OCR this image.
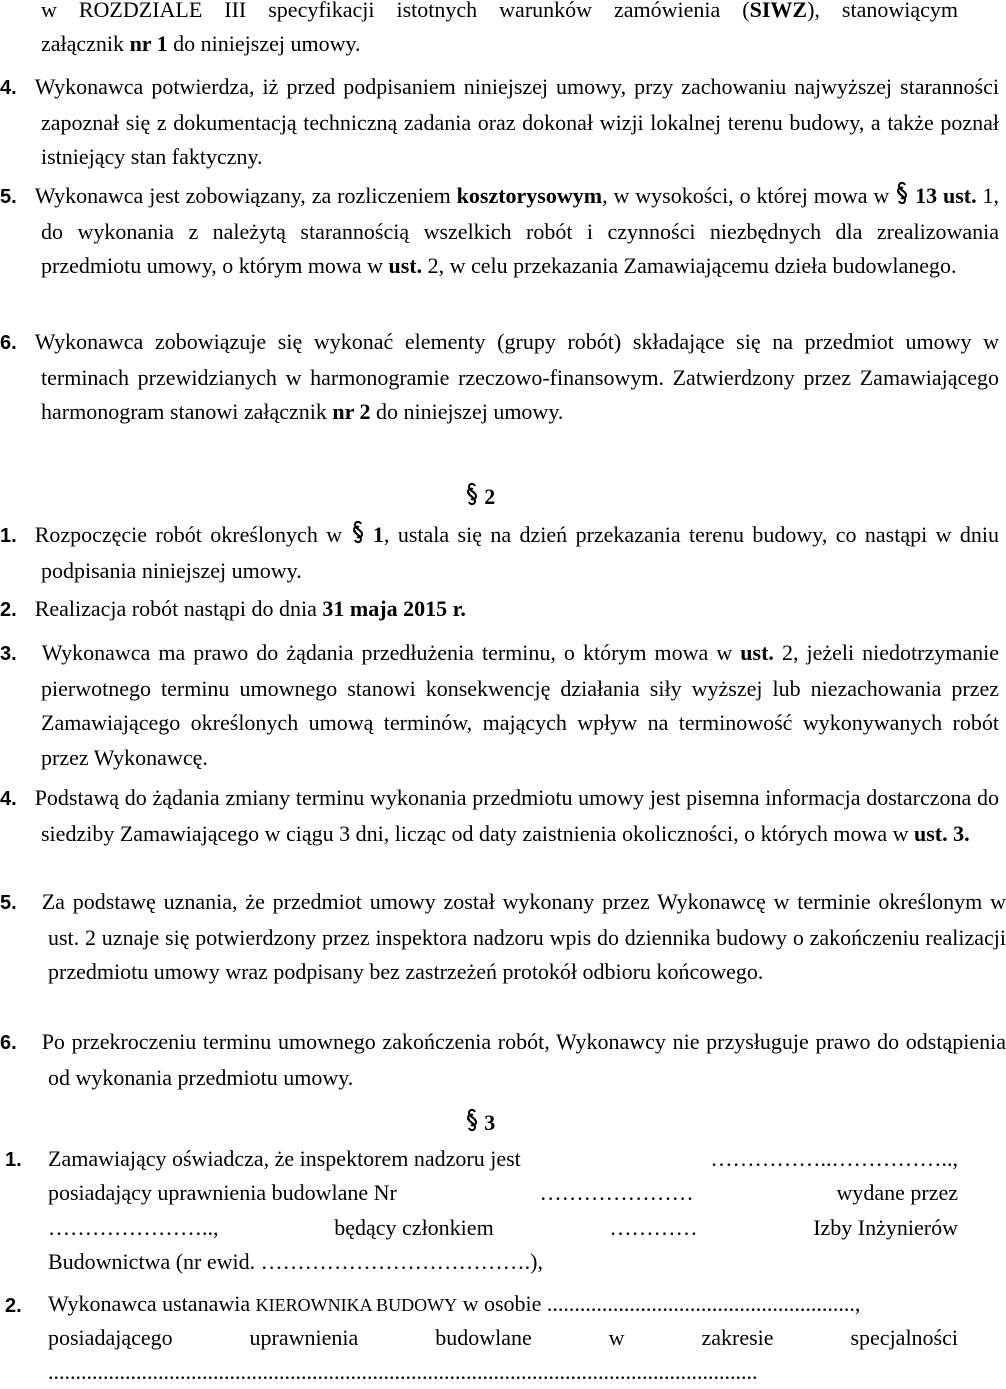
w ROZDZIALE III specyfikacji istotnych warunków zamówienia (SIWZ), stanowiącym

załącznik nr 1 do niniejszej umowy.

4. Wykonawca potwierdza, iż przed podpisaniem niniejszej umowy, przy zachowaniu najwyższej staranności zapoznał się z dokumentacją techniczną zadania oraz dokonał wizji lokalnej terenu budowy, a także poznał istniejący stan faktyczny.

5. Wykonawca jest zobowiązany, za rozliczeniem kosztorysowym, w wysokości, o której mowa w  13 ust. 1, do wykonania z należytą starannością wszelkich robót i czynności niezbędnych dla zrealizowania przedmiotu umowy, o którym mowa w ust. 2, w celu przekazania Zamawiającemu dzieła budowlanego.

6. Wykonawca zobowiązuje się wykonać elementy (grupy robót) składające się na przedmiot umowy w terminach przewidzianych w harmonogramie rzeczowo-finansowym. Zatwierdzony przez Zamawiającego harmonogram stanowi załącznik nr 2 do niniejszej umowy.

2

1. Rozpoczęcie robót określonych w  1, ustala się na dzień przekazania terenu budowy, co nastąpi w dniu podpisania niniejszej umowy.

2. Realizacja robót nastąpi do dnia 31 maja 2015 r.

3. Wykonawca ma prawo do żądania przedłużenia terminu, o którym mowa w ust. 2, jeżeli niedotrzymanie pierwotnego terminu umownego stanowi konsekwencję działania siły wyższej lub niezachowania przez Zamawiającego określonych umową terminów, mających wpływ na terminowość wykonywanych robót przez Wykonawcę.

4. Podstawą do żądania zmiany terminu wykonania przedmiotu umowy jest pisemna informacja dostarczona do siedziby Zamawiającego w ciągu 3 dni, licząc od daty zaistnienia okoliczności, o których mowa w ust. 3.

5. Za podstawę uznania, że przedmiot umowy został wykonany przez Wykonawcę w terminie określonym w ust. 2 uznaje się potwierdzony przez inspektora nadzoru wpis do dziennika budowy o zakończeniu realizacji przedmiotu umowy wraz podpisany bez zastrzeżeń protokół odbioru końcowego.

6. Po przekroczeniu terminu umownego zakończenia robót, Wykonawcy nie przysługuje prawo do odstąpienia od wykonania przedmiotu umowy.

3

1. Zamawiający oświadcza, że inspektorem nadzoru jest	……………..……………..,
posiadający uprawnienia budowlane Nr	…………………	wydane przez
…………………..,	będący członkiem	…………	Izby Inżynierów
Budownictwa (nr ewid. ……………………………….),
2. Wykonawca ustanawia KIEROWNIKA BUDOWY w osobie ........................................................,
posiadającego uprawnienia budowlane w zakresie specjalności
.................................................................................................................................
